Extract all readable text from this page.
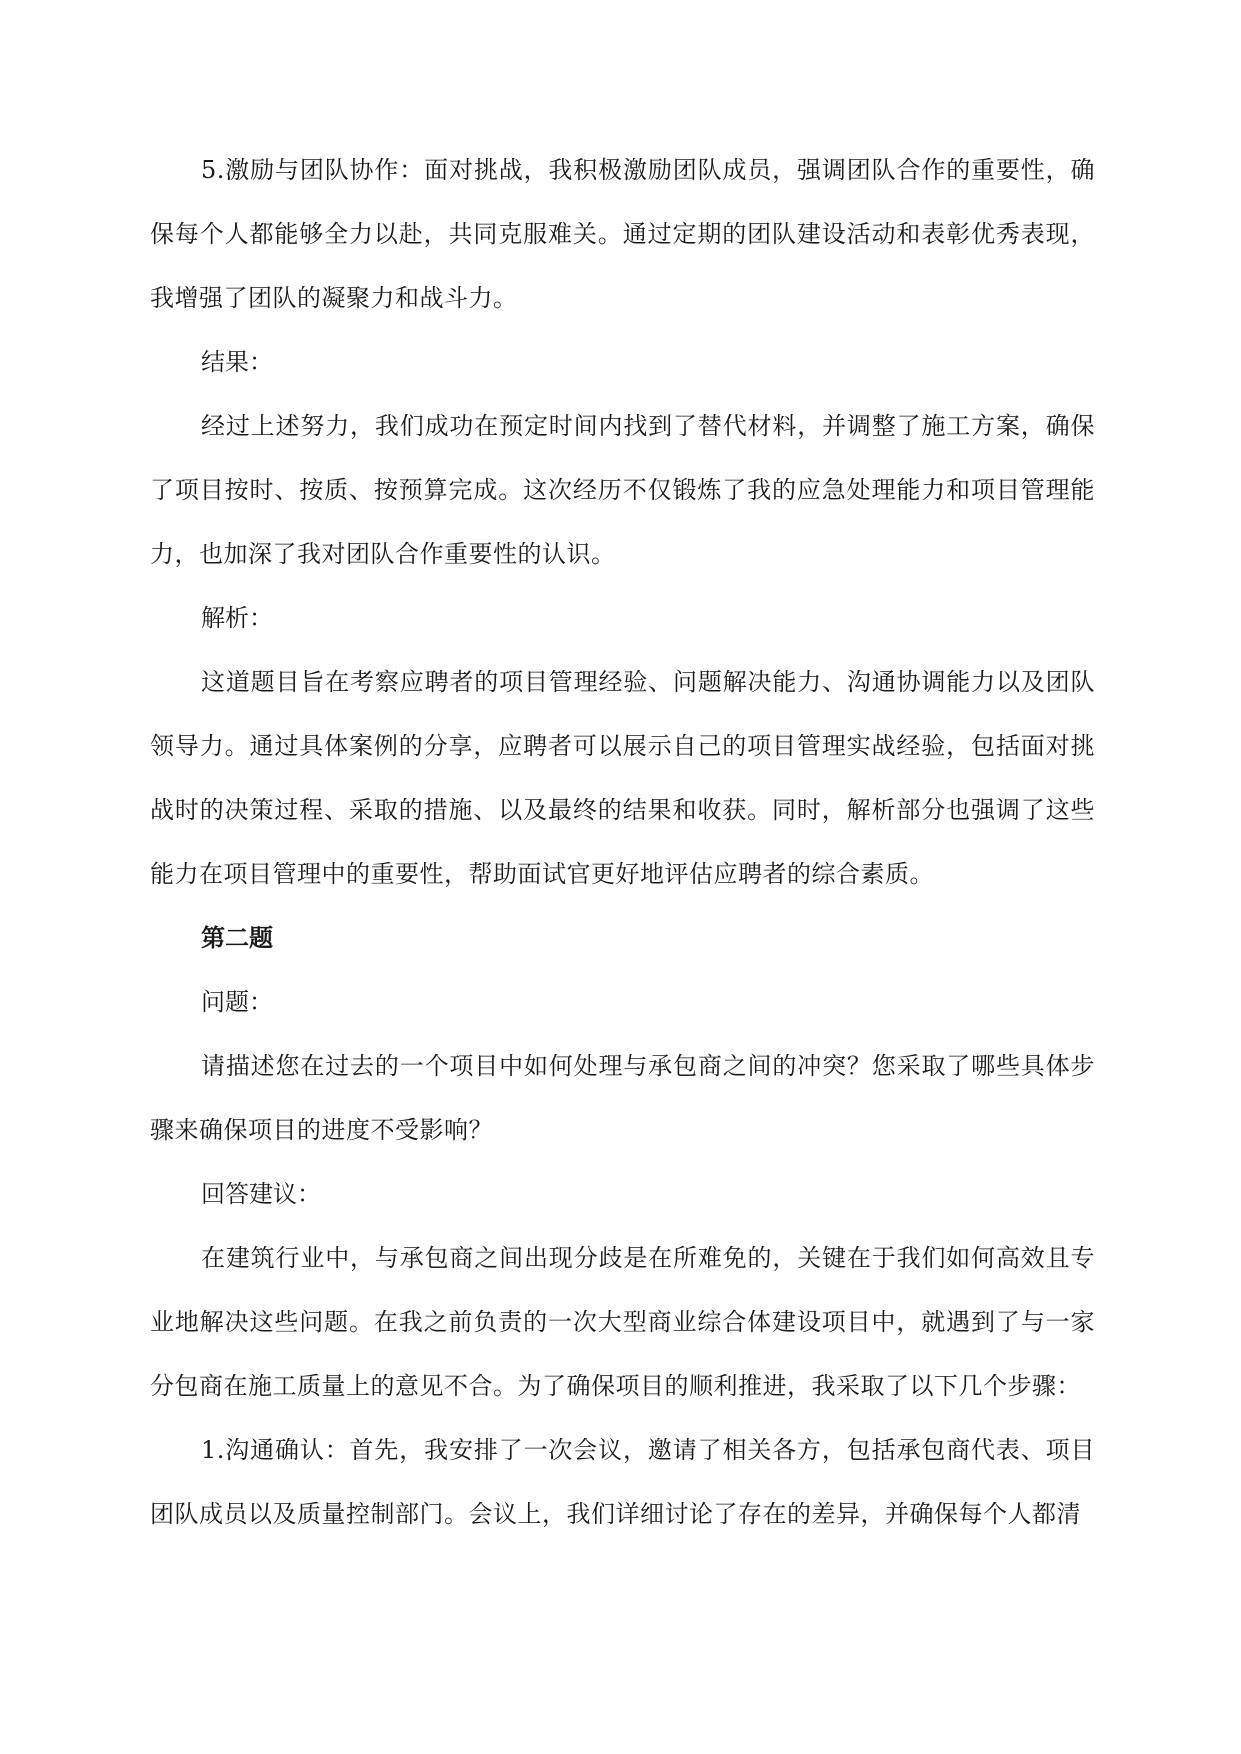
5.激励与团队协作：面对挑战，我积极激励团队成员，强调团队合作的重要性，确保每个人都能够全力以赴，共同克服难关。通过定期的团队建设活动和表彰优秀表现，我增强了团队的凝聚力和战斗力。

结果：

经过上述努力，我们成功在预定时间内找到了替代材料，并调整了施工方案，确保了项目按时、按质、按预算完成。这次经历不仅锻炼了我的应急处理能力和项目管理能力，也加深了我对团队合作重要性的认识。

解析：

这道题目旨在考察应聘者的项目管理经验、问题解决能力、沟通协调能力以及团队领导力。通过具体案例的分享，应聘者可以展示自己的项目管理实战经验，包括面对挑战时的决策过程、采取的措施、以及最终的结果和收获。同时，解析部分也强调了这些能力在项目管理中的重要性，帮助面试官更好地评估应聘者的综合素质。

第二题

问题：

请描述您在过去的一个项目中如何处理与承包商之间的冲突？您采取了哪些具体步骤来确保项目的进度不受影响？

回答建议：

在建筑行业中，与承包商之间出现分歧是在所难免的，关键在于我们如何高效且专业地解决这些问题。在我之前负责的一次大型商业综合体建设项目中，就遇到了与一家分包商在施工质量上的意见不合。为了确保项目的顺利推进，我采取了以下几个步骤：

1.沟通确认：首先，我安排了一次会议，邀请了相关各方，包括承包商代表、项目团队成员以及质量控制部门。会议上，我们详细讨论了存在的差异，并确保每个人都清
